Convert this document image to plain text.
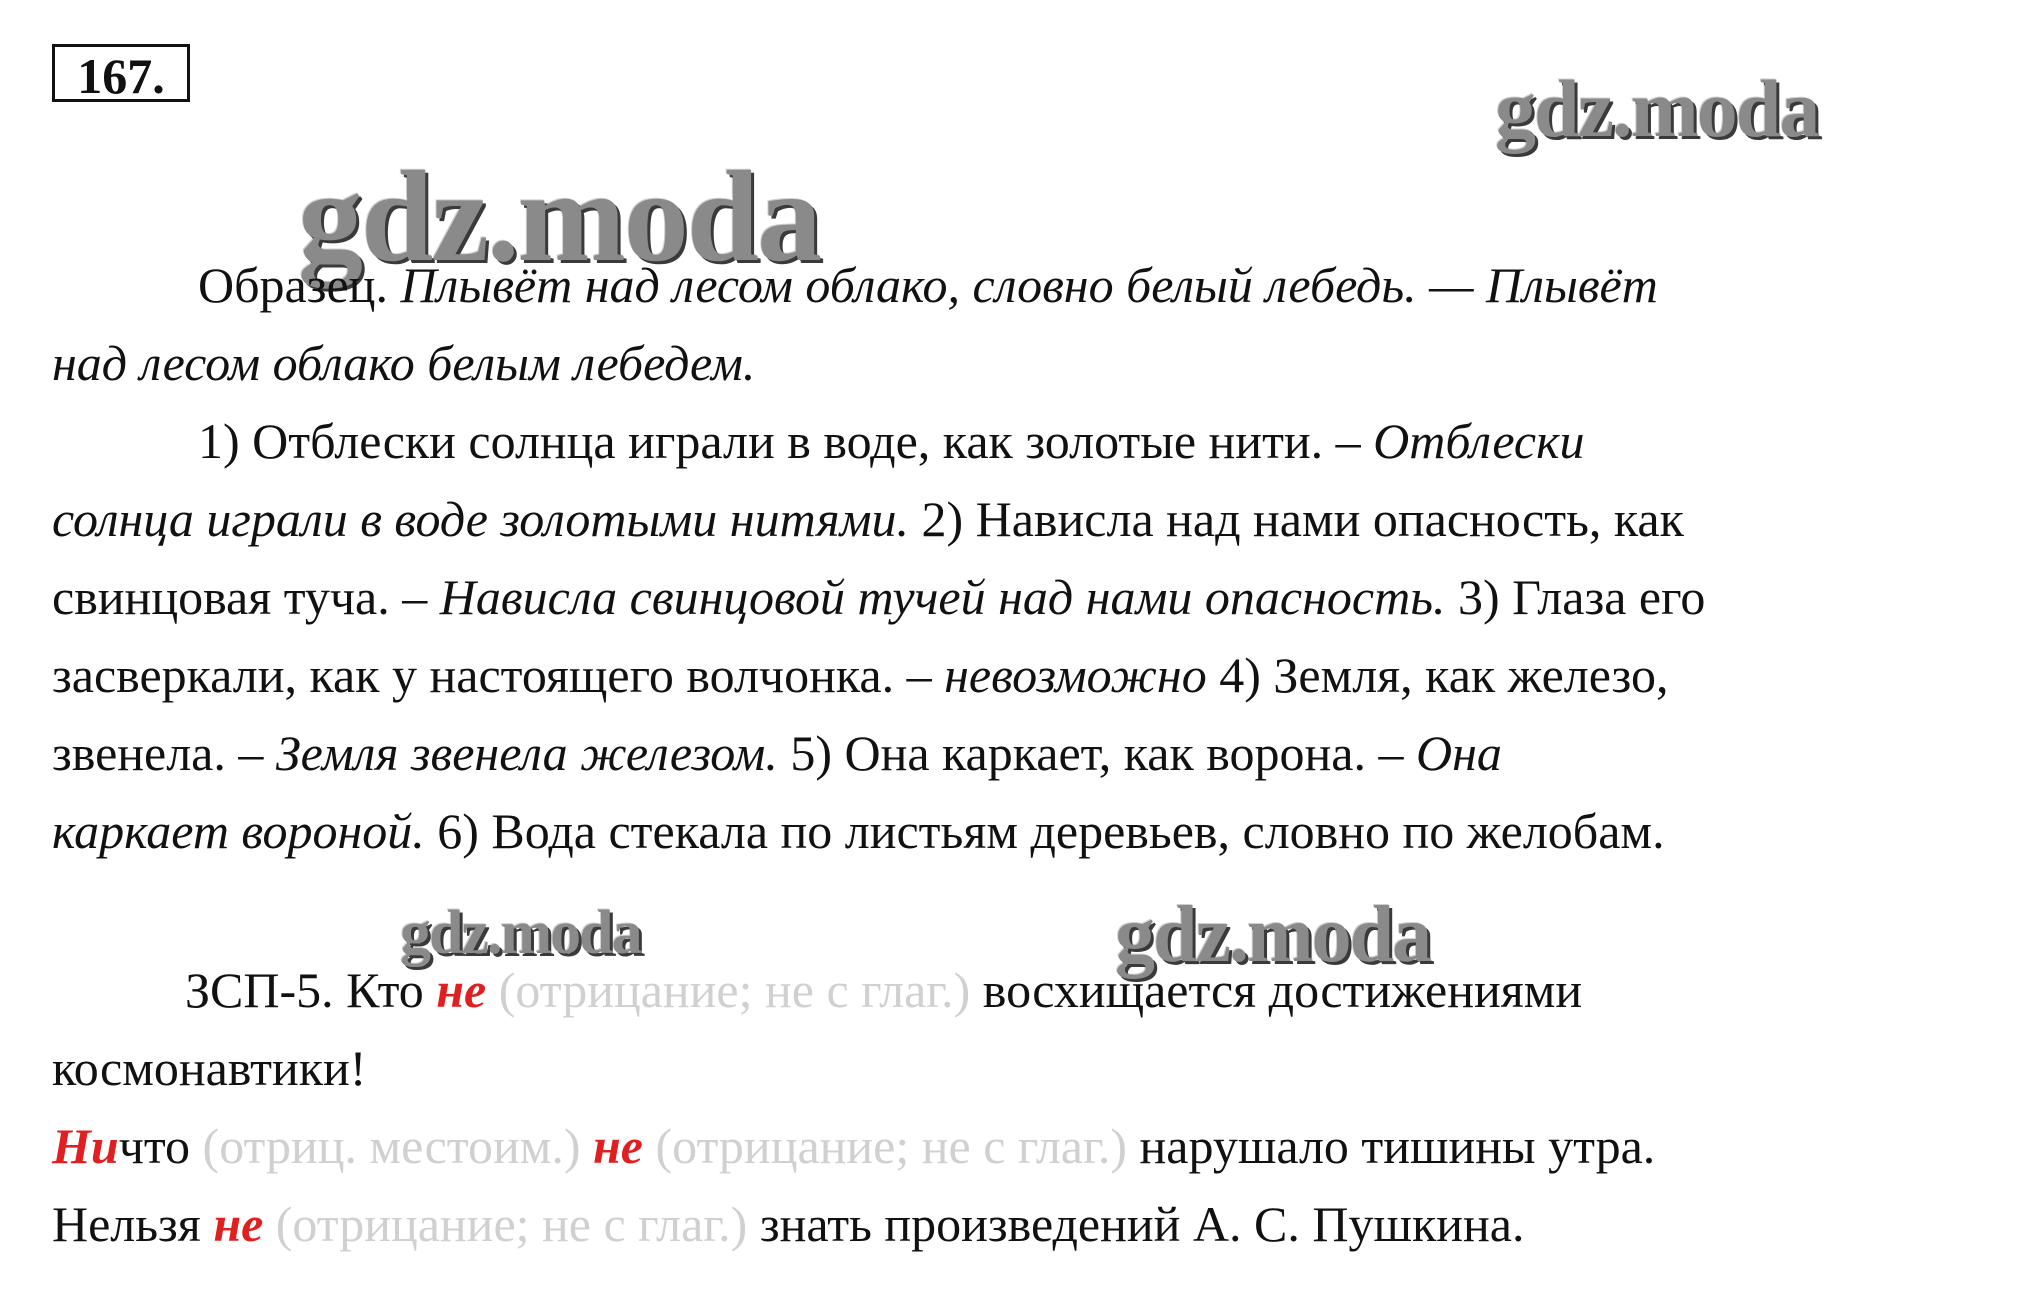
167.	gdz.moda
gdz.moda
gdz.moda	gdz.moda
Образец. Плывёт над лесом облако, словно белый лебедь. — Плывёт
над лесом облако белым лебедем.
1) Отблески солнца играли в воде, как золотые нити. – Отблески
солнца играли в воде золотыми нитями. 2) Нависла над нами опасность, как
свинцовая туча. – Нависла свинцовой тучей над нами опасность. 3) Глаза его
засверкали, как у настоящего волчонка. – невозможно 4) Земля, как железо,
звенела. – Земля звенела железом. 5) Она каркает, как ворона. – Она
каркает вороной. 6) Вода стекала по листьям деревьев, словно по желобам.
ЗСП-5. Кто не (отрицание; не с глаг.) восхищается достижениями
космонавтики!
Ничто (отриц. местоим.) не (отрицание; не с глаг.) нарушало тишины утра.
Нельзя не (отрицание; не с глаг.) знать произведений А. С. Пушкина.
